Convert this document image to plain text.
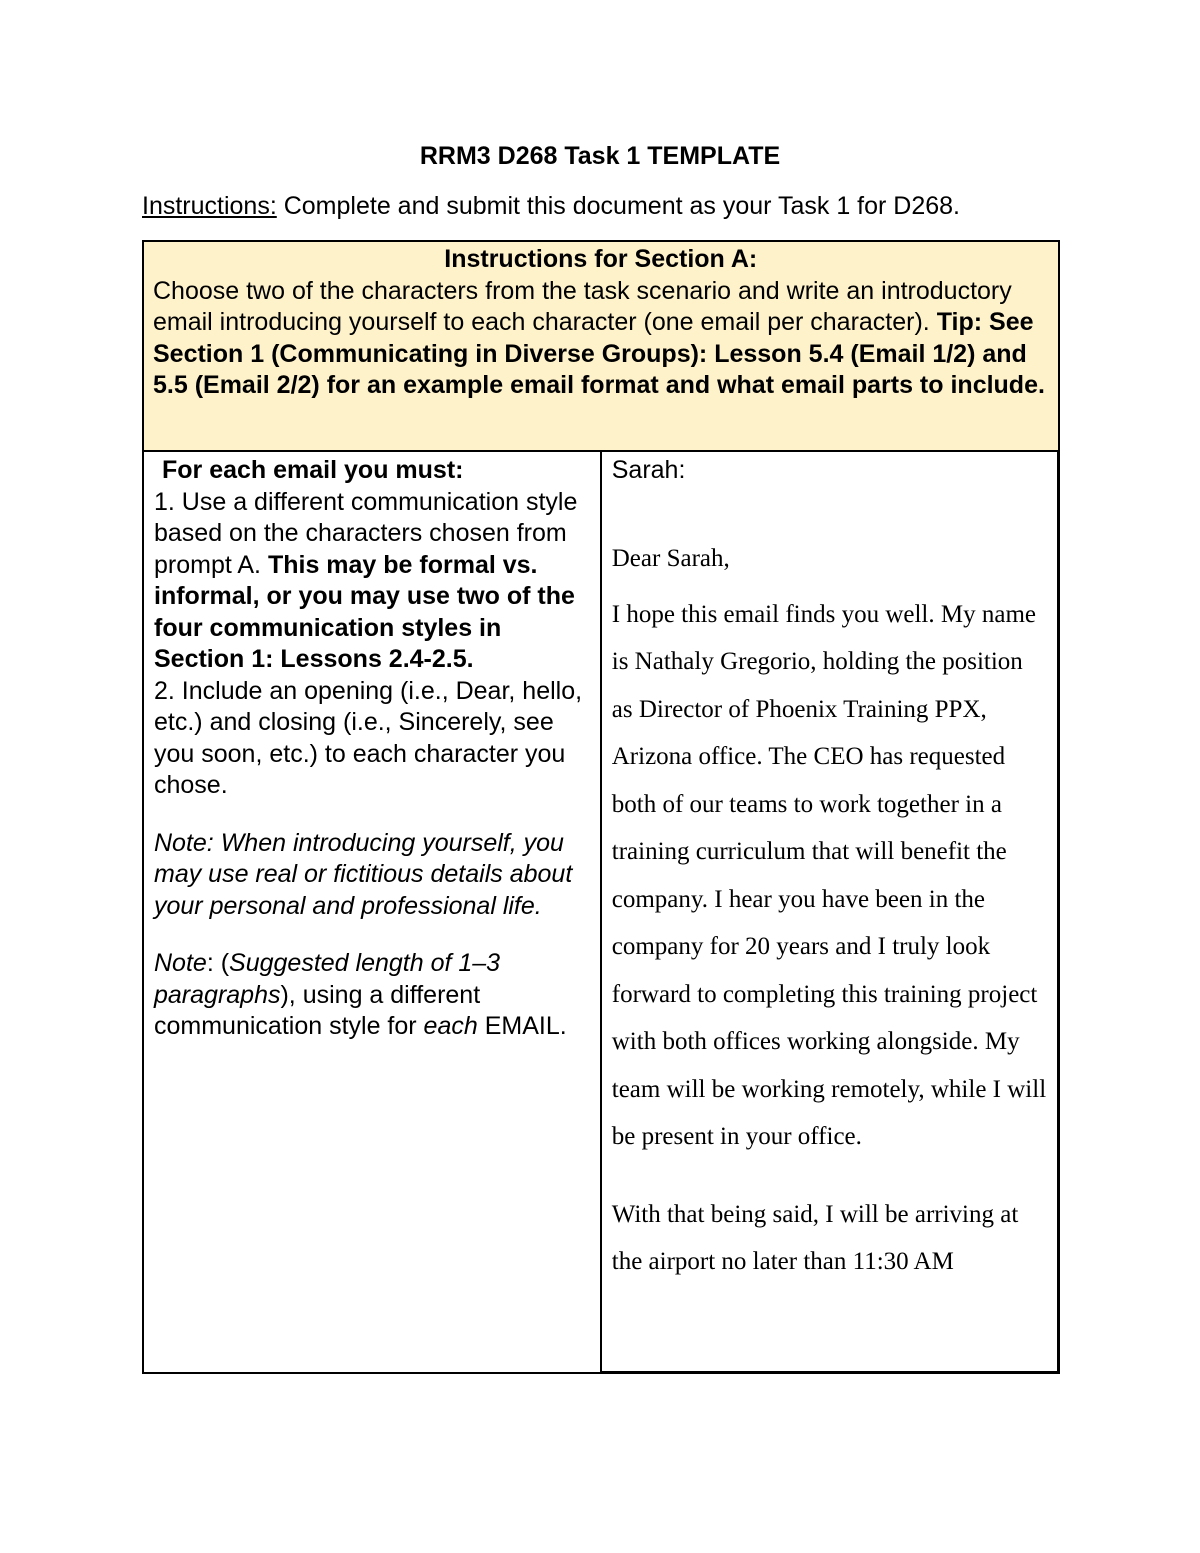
RRM3 D268 Task 1 TEMPLATE
Instructions: Complete and submit this document as your Task 1 for D268.
Instructions for Section A:
Choose two of the characters from the task scenario and write an introductory email introducing yourself to each character (one email per character). Tip: See Section 1 (Communicating in Diverse Groups): Lesson 5.4 (Email 1/2) and 5.5 (Email 2/2) for an example email format and what email parts to include.

For each email you must:
1. Use a different communication style based on the characters chosen from prompt A. This may be formal vs. informal, or you may use two of the four communication styles in Section 1: Lessons 2.4-2.5.
2. Include an opening (i.e., Dear, hello, etc.) and closing (i.e., Sincerely, see you soon, etc.) to each character you chose.
Note: When introducing yourself, you may use real or fictitious details about your personal and professional life.
Note: (Suggested length of 1–3 paragraphs), using a different communication style for each EMAIL.

Sarah:
Dear Sarah,
I hope this email finds you well. My name is Nathaly Gregorio, holding the position as Director of Phoenix Training PPX, Arizona office. The CEO has requested both of our teams to work together in a training curriculum that will benefit the company. I hear you have been in the company for 20 years and I truly look forward to completing this training project with both offices working alongside. My team will be working remotely, while I will be present in your office.
With that being said, I will be arriving at the airport no later than 11:30 AM
